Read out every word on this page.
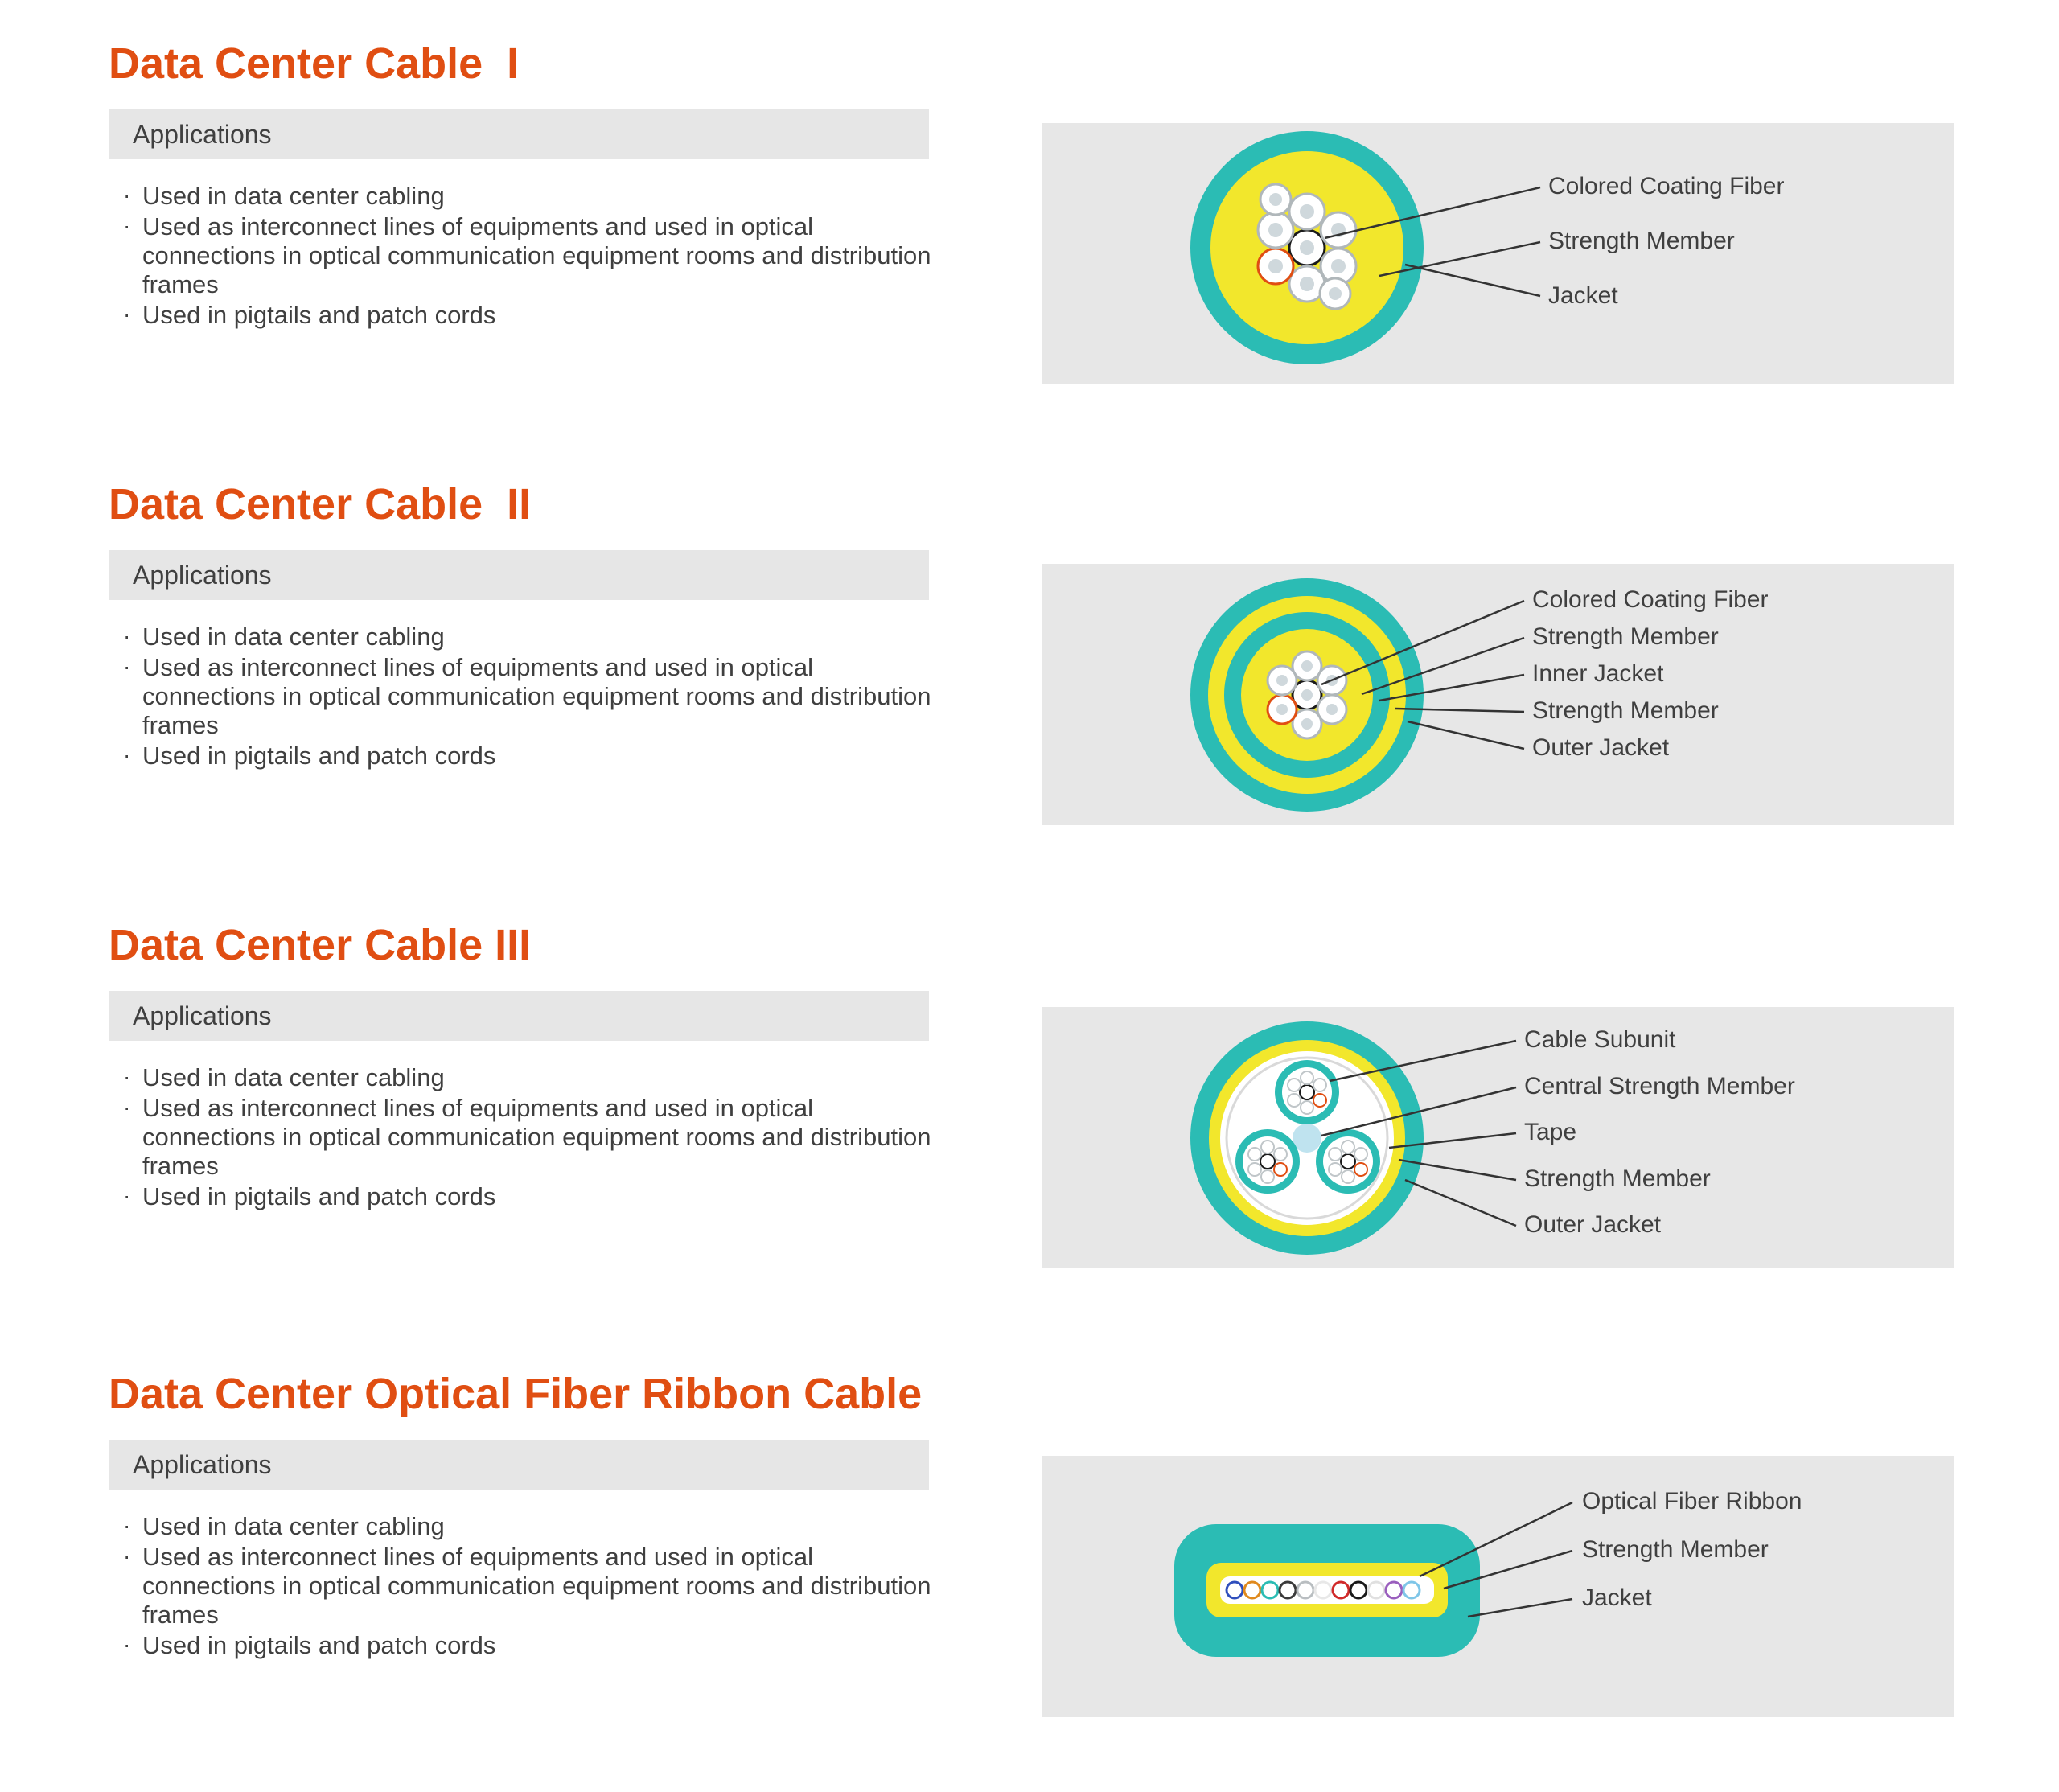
Data Center Cable  I
Applications
· Used in data center cabling
· Used as interconnect lines of equipments and used in optical connections in optical communication equipment rooms and distribution frames
· Used in pigtails and patch cords
Colored Coating Fiber
Strength Member
Jacket
Data Center Cable  II
Applications
· Used in data center cabling
· Used as interconnect lines of equipments and used in optical connections in optical communication equipment rooms and distribution frames
· Used in pigtails and patch cords
Colored Coating Fiber
Strength Member
Inner Jacket
Strength Member
Outer Jacket
Data Center Cable III
Applications
· Used in data center cabling
· Used as interconnect lines of equipments and used in optical connections in optical communication equipment rooms and distribution frames
· Used in pigtails and patch cords
Cable Subunit
Central Strength Member
Tape
Strength Member
Outer Jacket
Data Center Optical Fiber Ribbon Cable
Applications
· Used in data center cabling
· Used as interconnect lines of equipments and used in optical connections in optical communication equipment rooms and distribution frames
· Used in pigtails and patch cords
Optical Fiber Ribbon
Strength Member
Jacket
